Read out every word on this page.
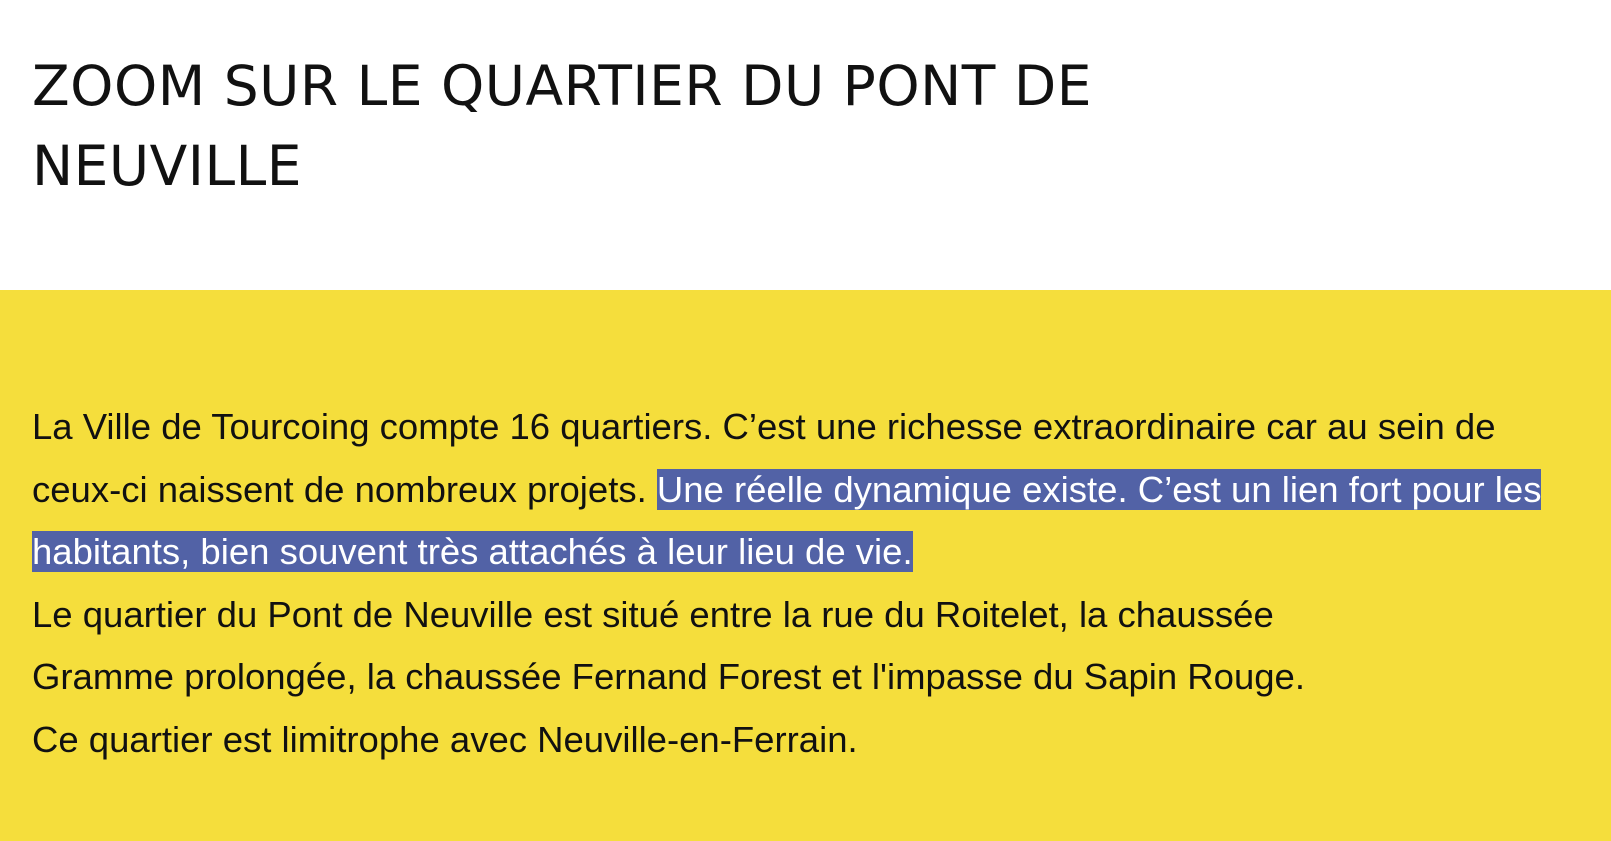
ZOOM SUR LE QUARTIER DU PONT DE
NEUVILLE

La Ville de Tourcoing compte 16 quartiers. C’est une richesse extraordinaire car au sein de ceux-ci naissent de nombreux projets. Une réelle dynamique existe. C’est un lien fort pour les habitants, bien souvent très attachés à leur lieu de vie.
Le quartier du Pont de Neuville est situé entre la rue du Roitelet, la chaussée
Gramme prolongée, la chaussée Fernand Forest et l'impasse du Sapin Rouge.
Ce quartier est limitrophe avec Neuville-en-Ferrain.
